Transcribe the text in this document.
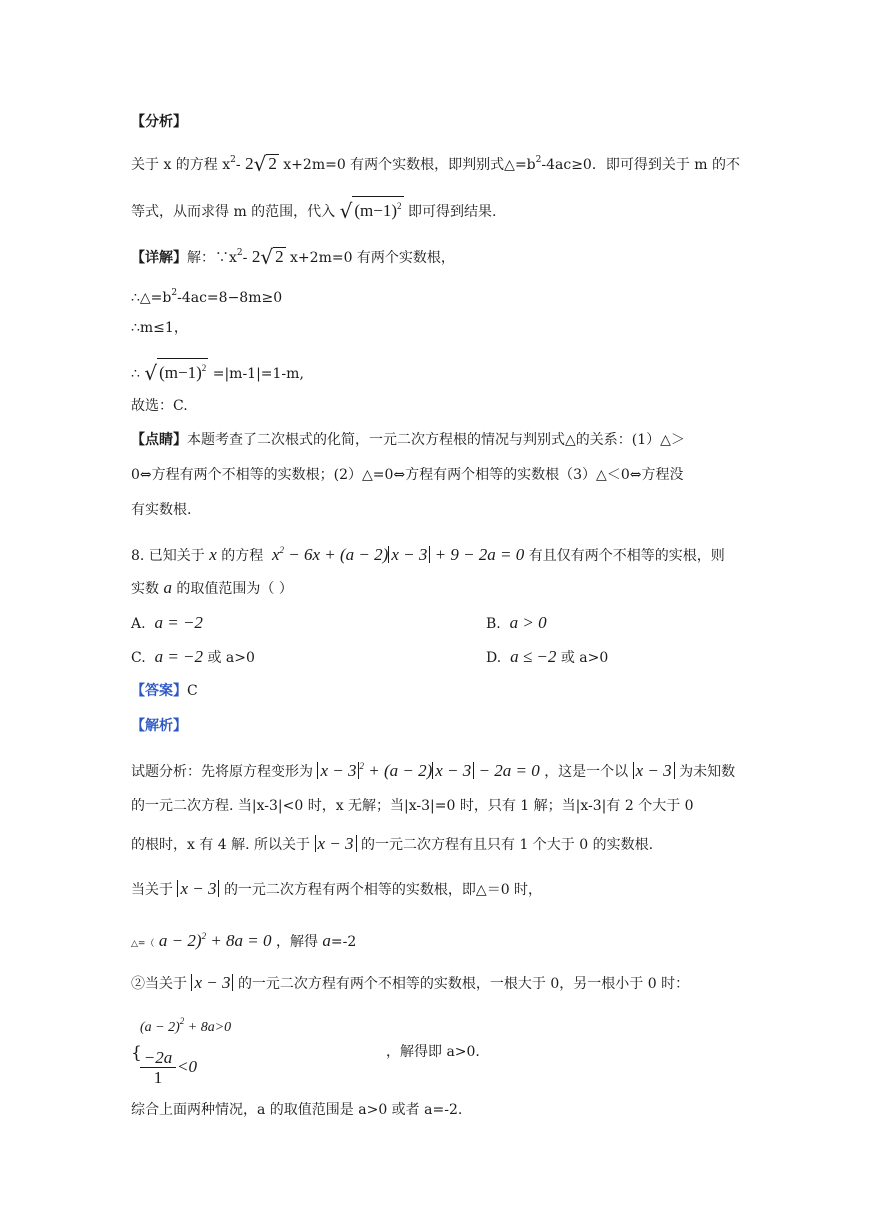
【分析】
关于 x 的方程 $x^2-$ 2√ 2 x+2m=0 有两个实数根，即判别式$\triangle=b^2-4ac\ge 0$．即可得到关于 m 的不
等式，从而求得 m 的范围，代入 √ $(m-1)^2$ 即可得到结果.
【详解】解：$\because x^2-$ 2√ 2 x+2m=0 有两个实数根，
$\therefore\triangle=b^2-4ac=8-8m\ge 0$
∴m≤1，
∴ √ $(m-1)^2 =|m-1|=1-m$,
故选：C.
【点睛】本题考查了二次根式的化简，一元二次方程根的情况与判别式△的关系：(1）△＞
0⇔方程有两个不相等的实数根；(2）△=0⇔方程有两个相等的实数根（3）△＜0⇔方程没
有实数根.
8. 已知关于 x 的方程  $x^2 - 6x + (a - 2) x - 3 + 9 - 2a = 0$ 有且仅有两个不相等的实根，则
实数 a 的取值范围为（ ）
A. a = −2	B. a > 0
C. a = −2 或 a>0	D. a ≤ −2 或 a>0
【答案】C
【解析】
试题分析：先将原方程变形为 x − 3 $^2$ + (a − 2) x − 3 − 2a = 0 ，这是一个以 x − 3 为未知数
的一元二次方程. 当|x-3|<0 时，x 无解；当|x-3|=0 时，只有 1 解；当|x-3|有 2 个大于 0
的根时，x 有 4 解. 所以关于 x − 3 的一元二次方程有且只有 1 个大于 0 的实数根.
当关于 x − 3 的一元二次方程有两个相等的实数根，即△＝0 时，
△=（ a − 2)$^2$ + 8a = 0 ，解得 a=-2
②当关于 x − 3 的一元二次方程有两个不相等的实数根，一根大于 0，另一根小于 0 时：
$(a - 2)^2 + 8a>0$
{
$\frac{-2a}{1} <0$
，解得即 a>0.
综合上面两种情况，a 的取值范围是 a>0 或者 a=-2.
